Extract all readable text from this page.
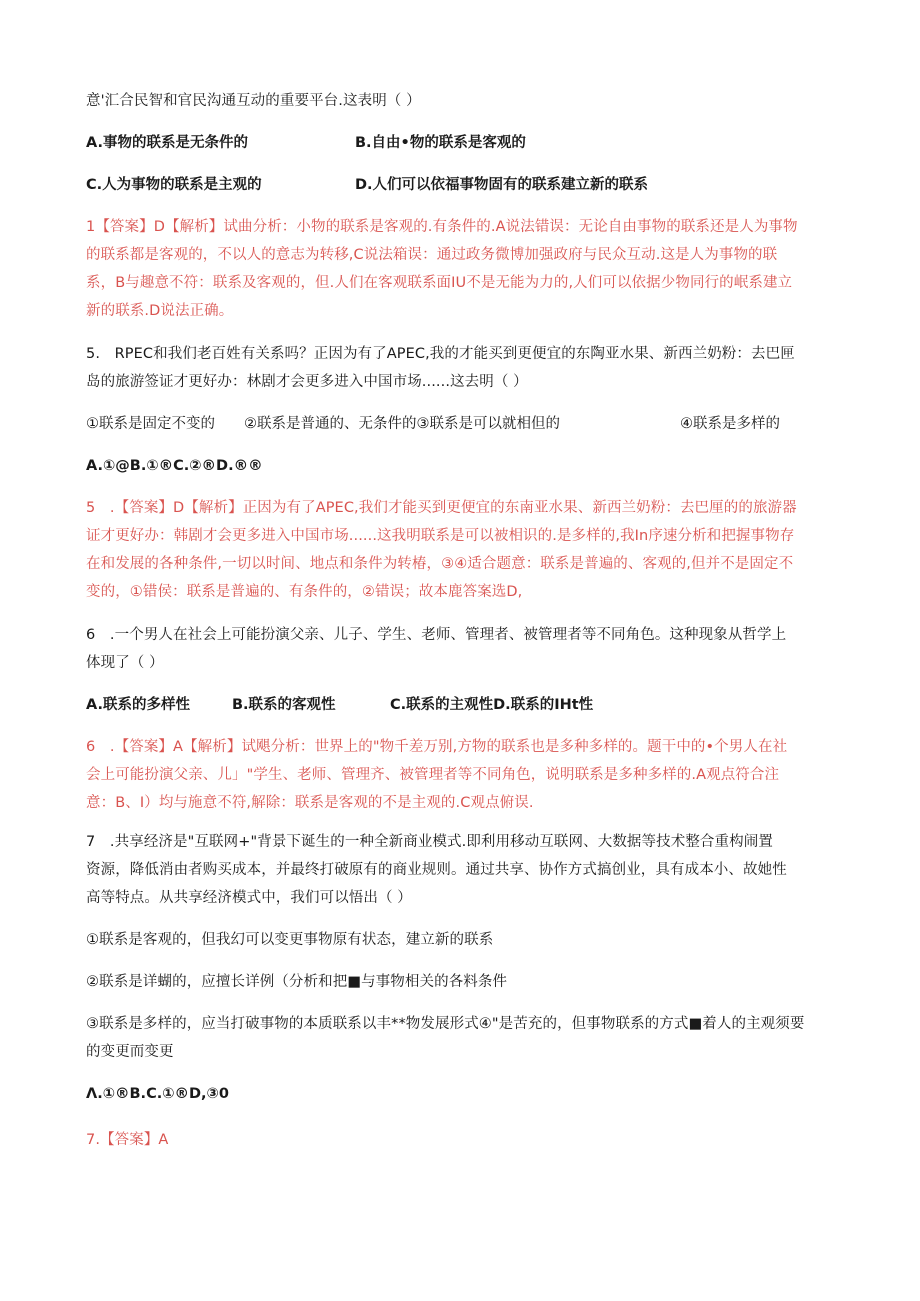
意'汇合民智和官民沟通互动的重要平台.这表明（ ）
A.事物的联系是无条件的	B.自由•物的联系是客观的
C.人为事物的联系是主观的	D.人们可以依福事物固有的联系建立新的联系
1【答案】D【解析】试曲分析：小物的联系是客观的.有条件的.A说法错误：无论自由事物的联系还是人为事物
的联系都是客观的，不以人的意志为转移,C说法箱误：通过政务微博加强政府与民众互动.这是人为事物的联
系，B与趣意不符：联系及客观的，但.人们在客观联系面IU不是无能为力的,人们可以依据少物同行的岷系建立
新的联系.D说法正确。
5.　RPEC和我们老百姓有关系吗？正因为有了APEC,我的才能买到更便宜的东陶亚水果、新西兰奶粉：去巴匣
岛的旅游签证才更好办：林剧才会更多进入中国市场......这去明（ ）
①联系是固定不变的　　②联系是普通的、无条件的③联系是可以就相但的	④联系是多样的
A.①@B.①®C.②®D.®®
5　.【答案】D【解析】正因为有了APEC,我们才能买到更便宜的东南亚水果、新西兰奶粉：去巴厘的的旅游器
证才更好办：韩剧才会更多进入中国市场......这我明联系是可以被相识的.是多样的,我In序速分析和把握事物存
在和发展的各种条件,一切以时间、地点和条件为转椿，③④适合题意：联系是普遍的、客观的,但并不是固定不
变的，①错侯：联系是普遍的、有条件的，②错误；故本鹿答案选D,
6　.一个男人在社会上可能扮演父亲、儿子、学生、老师、管理者、被管理者等不同角色。这种现象从哲学上
体现了（ ）
A.联系的多样性	B.联系的客观性	C.联系的主观性D.联系的IHt性
6　.【答案】A【解析】试飓分析：世界上的"物千差万别,方物的联系也是多种多样的。题干中的•个男人在社
会上可能扮演父亲、儿」"学生、老师、管理齐、被管理者等不同角色，说明联系是多种多样的.A观点符合注
意：B、I）均与施意不符,解除：联系是客观的不是主观的.C观点俯误.
7　.共享经济是"互联网+"背景下诞生的一种全新商业模式.即利用移动互联网、大数据等技术整合重构闹置
资源，降低消由者购买成本，并最终打破原有的商业规则。通过共享、协作方式搞创业，具有成本小、故她性
高等特点。从共享经济模式中，我们可以悟出（ ）
①联系是客观的，但我幻可以变更事物原有状态，建立新的联系
②联系是详蝴的，应擅长详例（分析和把■与事物相关的各料条件
③联系是多样的，应当打破事物的本质联系以丰**物发展形式④"是苦充的，但事物联系的方式■着人的主观须要
的变更而变更
Λ.①®B.C.①®D,③0
7.【答案】A
